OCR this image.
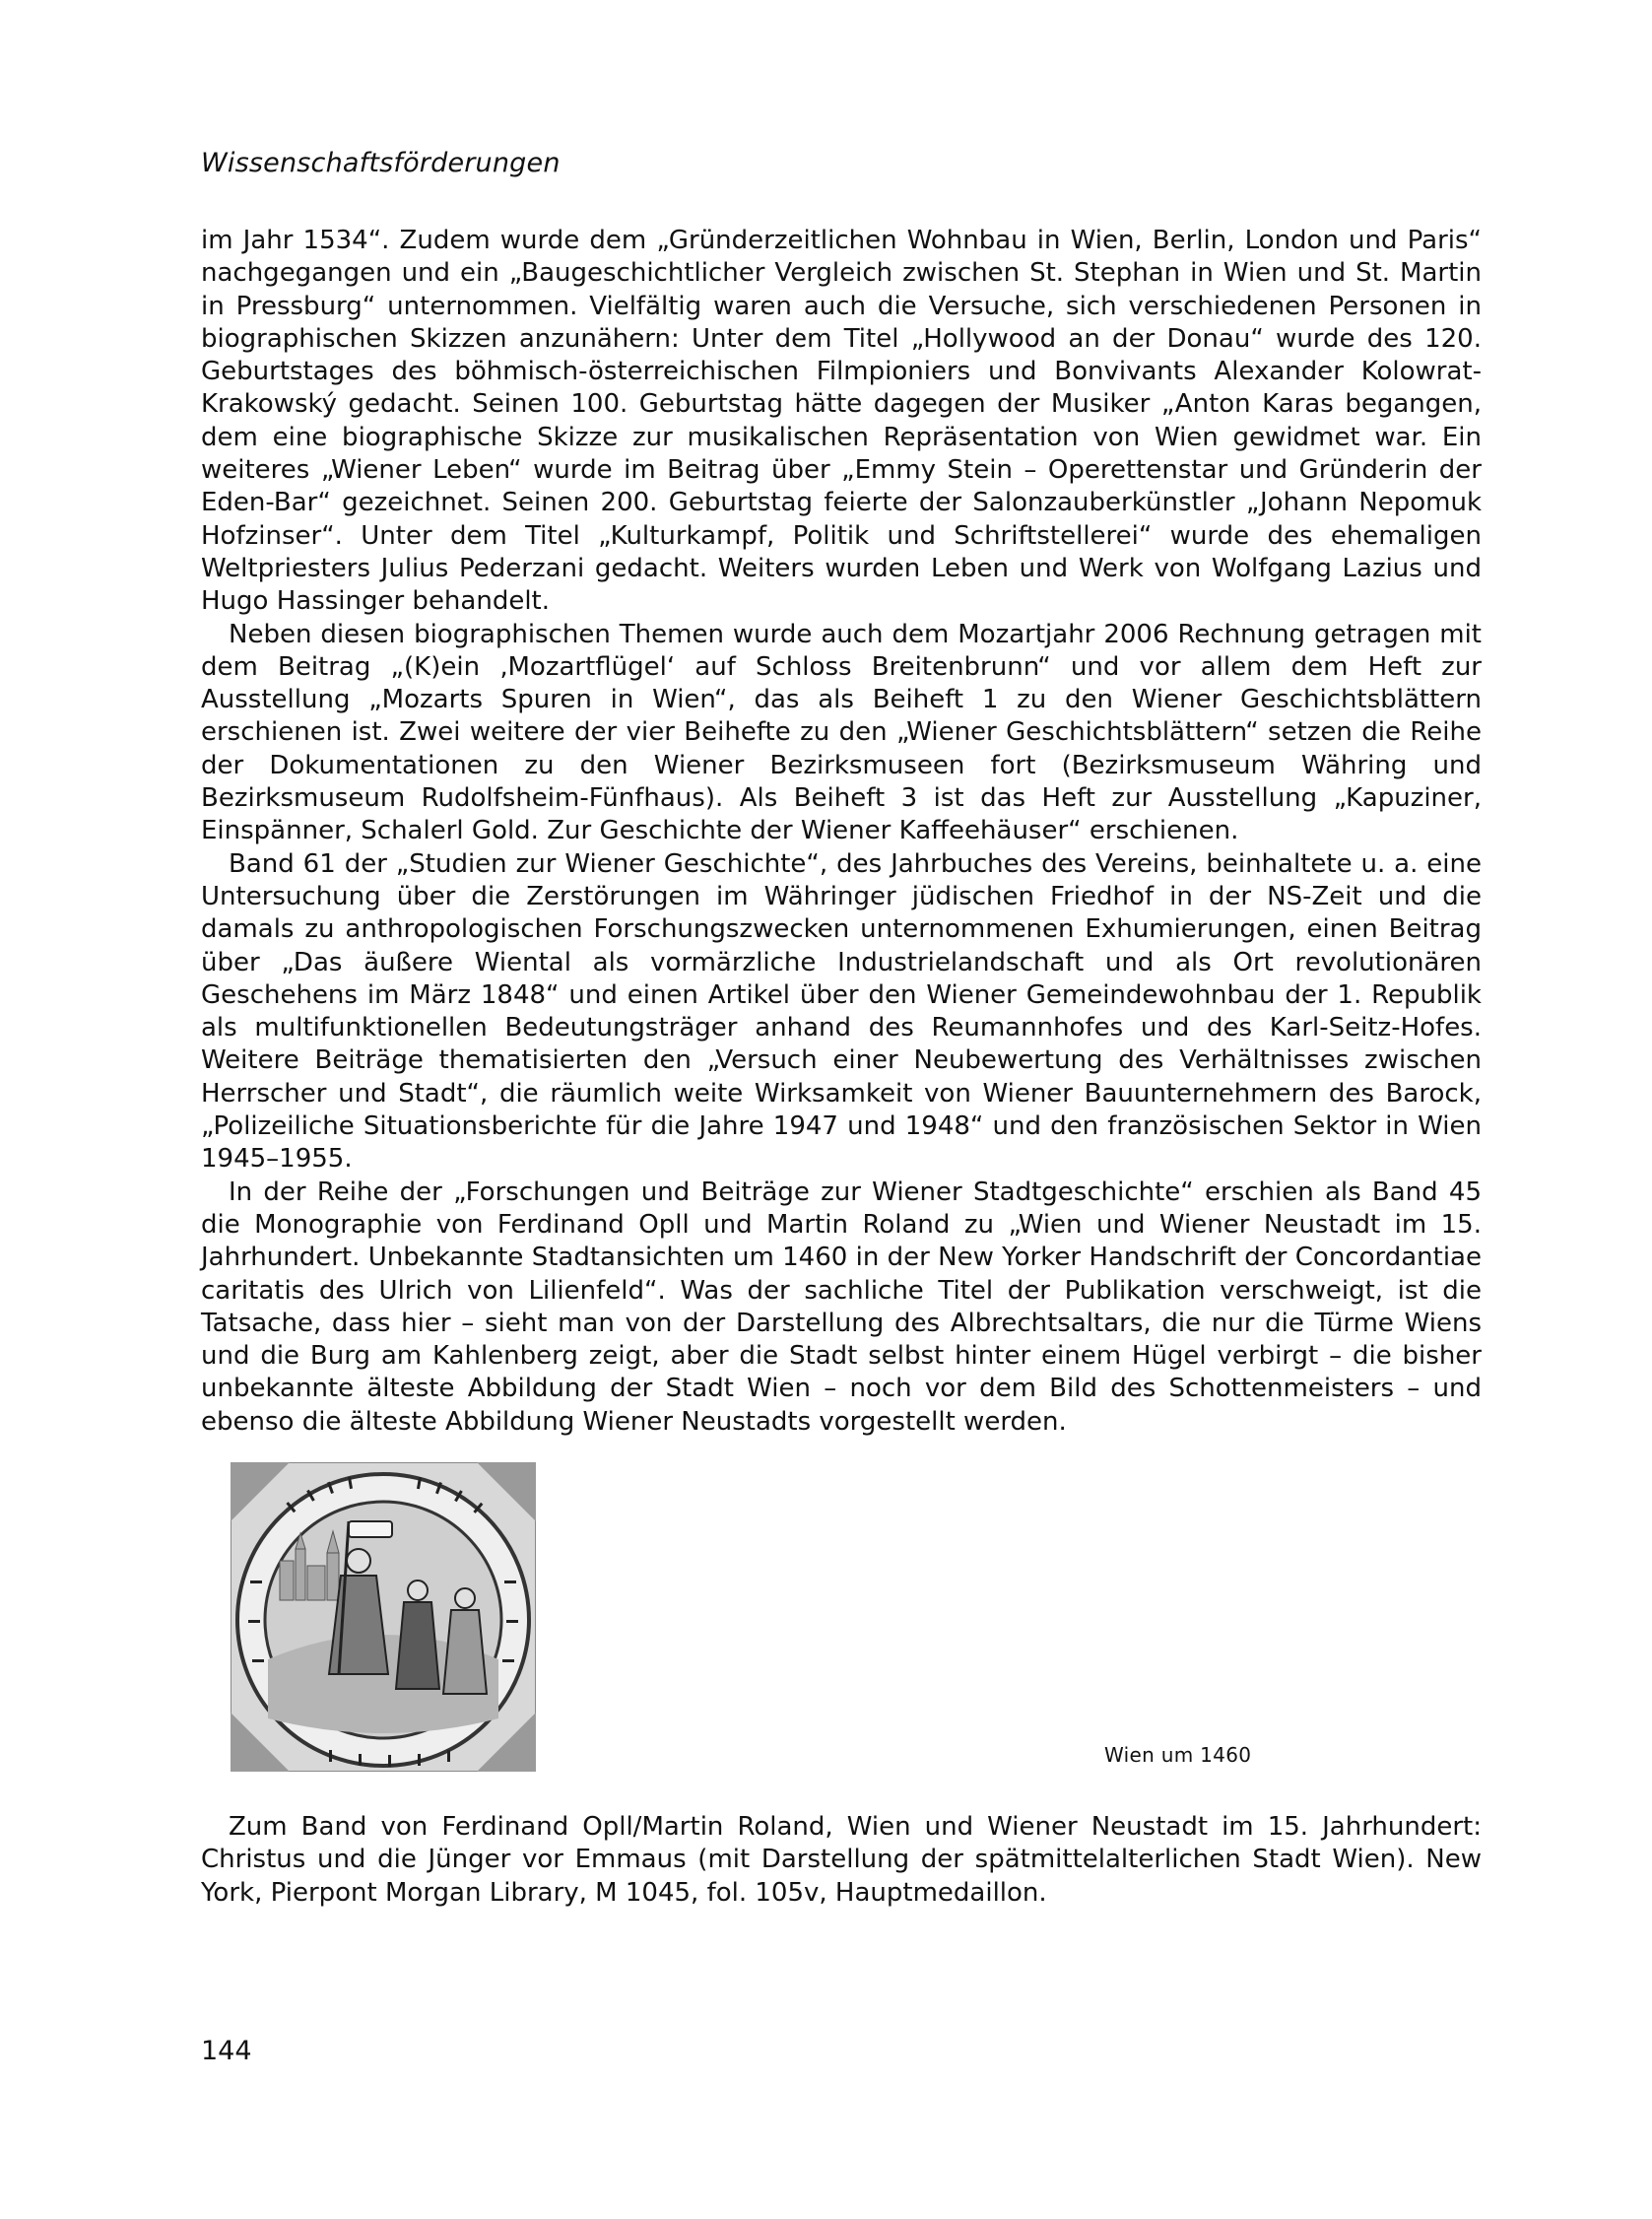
Wissenschaftsförderungen

im Jahr 1534“. Zudem wurde dem „Gründerzeitlichen Wohnbau in Wien, Berlin, London und Paris“ nachgegangen und ein „Baugeschichtlicher Vergleich zwischen St. Stephan in Wien und St. Martin in Pressburg“ unternommen. Vielfältig waren auch die Versuche, sich verschiedenen Personen in biographischen Skizzen anzunähern: Unter dem Titel „Hollywood an der Donau“ wurde des 120. Geburtstages des böhmisch-österreichischen Filmpioniers und Bonvivants Alexander Kolowrat-Krakowský gedacht. Seinen 100. Geburtstag hätte dagegen der Musiker „Anton Karas begangen, dem eine biographische Skizze zur musikalischen Repräsentation von Wien gewidmet war. Ein weiteres „Wiener Leben“ wurde im Beitrag über „Emmy Stein – Operettenstar und Gründerin der Eden-Bar“ gezeichnet. Seinen 200. Geburtstag feierte der Salonzauberkünstler „Johann Nepomuk Hofzinser“. Unter dem Titel „Kulturkampf, Politik und Schriftstellerei“ wurde des ehemaligen Weltpriesters Julius Pederzani gedacht. Weiters wurden Leben und Werk von Wolfgang Lazius und Hugo Hassinger behandelt.

Neben diesen biographischen Themen wurde auch dem Mozartjahr 2006 Rechnung getragen mit dem Beitrag „(K)ein ‚Mozartflügel‘ auf Schloss Breitenbrunn“ und vor allem dem Heft zur Ausstellung „Mozarts Spuren in Wien“, das als Beiheft 1 zu den Wiener Geschichtsblättern erschienen ist. Zwei weitere der vier Beihefte zu den „Wiener Geschichtsblättern“ setzen die Reihe der Dokumentationen zu den Wiener Bezirksmuseen fort (Bezirksmuseum Währing und Bezirksmuseum Rudolfsheim-Fünfhaus). Als Beiheft 3 ist das Heft zur Ausstellung „Kapuziner, Einspänner, Schalerl Gold. Zur Geschichte der Wiener Kaffeehäuser“ erschienen.

Band 61 der „Studien zur Wiener Geschichte“, des Jahrbuches des Vereins, beinhaltete u. a. eine Untersuchung über die Zerstörungen im Währinger jüdischen Friedhof in der NS-Zeit und die damals zu anthropologischen Forschungszwecken unternommenen Exhumierungen, einen Beitrag über „Das äußere Wiental als vormärzliche Industrielandschaft und als Ort revolutionären Geschehens im März 1848“ und einen Artikel über den Wiener Gemeindewohnbau der 1. Republik als multifunktionellen Bedeutungsträger anhand des Reumannhofes und des Karl-Seitz-Hofes. Weitere Beiträge thematisierten den „Versuch einer Neubewertung des Verhältnisses zwischen Herrscher und Stadt“, die räumlich weite Wirksamkeit von Wiener Bauunternehmern des Barock, „Polizeiliche Situationsberichte für die Jahre 1947 und 1948“ und den französischen Sektor in Wien 1945–1955.

In der Reihe der „Forschungen und Beiträge zur Wiener Stadtgeschichte“ erschien als Band 45 die Monographie von Ferdinand Opll und Martin Roland zu „Wien und Wiener Neustadt im 15. Jahrhundert. Unbekannte Stadtansichten um 1460 in der New Yorker Handschrift der Concordantiae caritatis des Ulrich von Lilienfeld“. Was der sachliche Titel der Publikation verschweigt, ist die Tatsache, dass hier – sieht man von der Darstellung des Albrechtsaltars, die nur die Türme Wiens und die Burg am Kahlenberg zeigt, aber die Stadt selbst hinter einem Hügel verbirgt – die bisher unbekannte älteste Abbildung der Stadt Wien – noch vor dem Bild des Schottenmeisters – und ebenso die älteste Abbildung Wiener Neustadts vorgestellt werden.

Wien um 1460

Zum Band von Ferdinand Opll/Martin Roland, Wien und Wiener Neustadt im 15. Jahrhundert: Christus und die Jünger vor Emmaus (mit Darstellung der spätmittelalterlichen Stadt Wien). New York, Pierpont Morgan Library, M 1045, fol. 105v, Hauptmedaillon.

144
